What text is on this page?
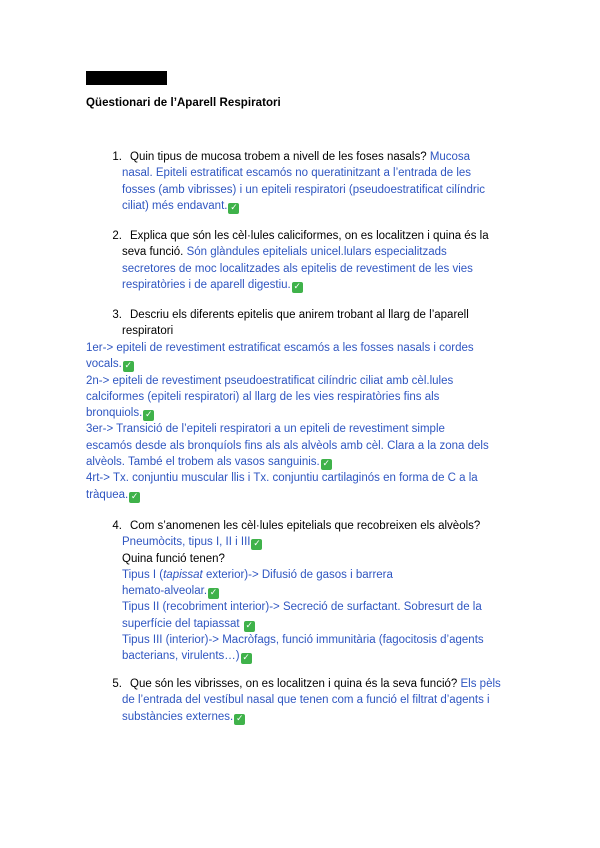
Qüestionari de l’Aparell Respiratori
1. Quin tipus de mucosa trobem a nivell de les foses nasals? Mucosa
nasal. Epiteli estratificat escamós no queratinitzant a l’entrada de les
fosses (amb vibrisses) i un epiteli respiratori (pseudoestratificat cilíndric
ciliat) més endavant. ✓
2. Explica que són les cèl·lules caliciformes, on es localitzen i quina és la
seva funció. Són glàndules epitelials unicel.lulars especialitzads
secretores de moc localitzades als epitelis de revestiment de les vies
respiratòries i de aparell digestiu. ✓
3. Descriu els diferents epitelis que anirem trobant al llarg de l’aparell
respiratori
1er-> epiteli de revestiment estratificat escamós a les fosses nasals i cordes
vocals. ✓
2n-> epiteli de revestiment pseudoestratificat cilíndric ciliat amb cèl.lules
calciformes (epiteli respiratori) al llarg de les vies respiratòries fins als
bronquiols. ✓
3er-> Transició de l’epiteli respiratori a un epiteli de revestiment simple
escamós desde als bronquíols fins als als alvèols amb cèl. Clara a la zona dels
alvèols. També el trobem als vasos sanguinis. ✓
4rt-> Tx. conjuntiu muscular llis i Tx. conjuntiu cartilaginós en forma de C a la
tràquea. ✓
4. Com s’anomenen les cèl·lules epitelials que recobreixen els alvèols?
Pneumòcits, tipus I, II i III ✓
Quina funció tenen?
Tipus I (tapissat exterior)-> Difusió de gasos i barrera
hemato-alveolar. ✓
Tipus II (recobriment interior)-> Secreció de surfactant. Sobresurt de la
superfície del tapiassat ✓
Tipus III (interior)-> Macròfags, funció immunitària (fagocitosis d’agents
bacterians, virulents…) ✓
5. Que són les vibrisses, on es localitzen i quina és la seva funció? Els pèls
de l’entrada del vestíbul nasal que tenen com a funció el filtrat d’agents i
substàncies externes. ✓
